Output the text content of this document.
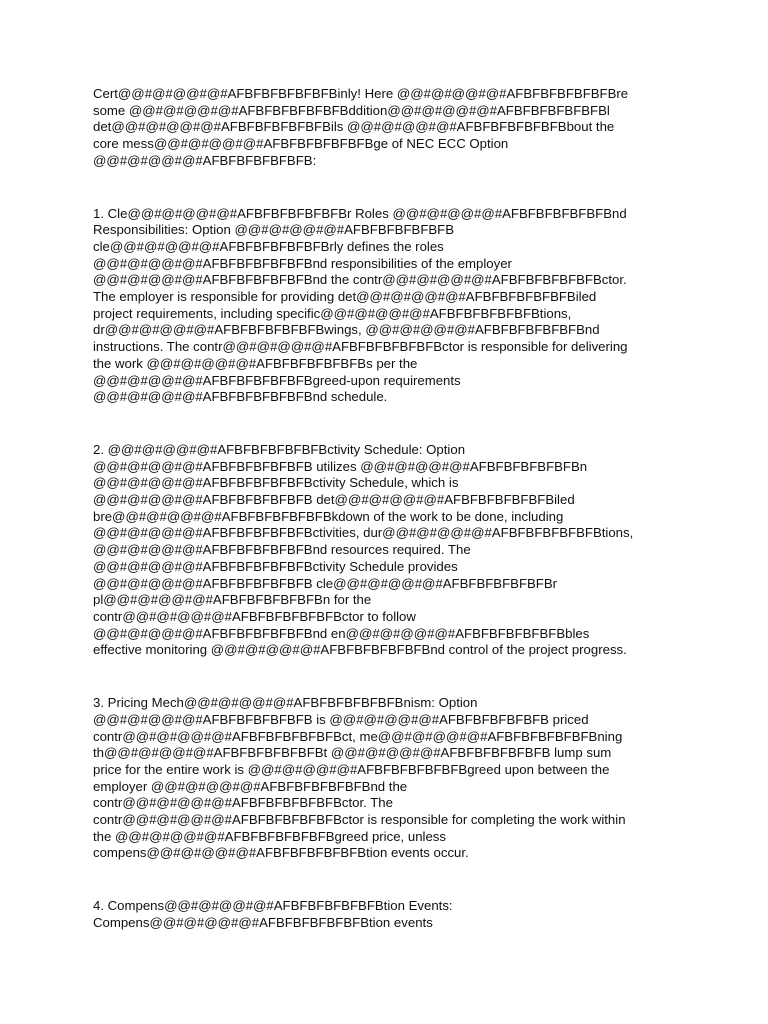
Cert@@#@#@@#@#AFBFBFBFBFBFBinly! Here @@#@#@@#@#AFBFBFBFBFBFBre
some @@#@#@@#@#AFBFBFBFBFBFBddition@@#@#@@#@#AFBFBFBFBFBFBl
det@@#@#@@#@#AFBFBFBFBFBFBils @@#@#@@#@#AFBFBFBFBFBFBbout the
core mess@@#@#@@#@#AFBFBFBFBFBFBge of NEC ECC Option
@@#@#@@#@#AFBFBFBFBFBFB:
1. Cle@@#@#@@#@#AFBFBFBFBFBFBr Roles @@#@#@@#@#AFBFBFBFBFBFBnd
Responsibilities: Option @@#@#@@#@#AFBFBFBFBFBFB
cle@@#@#@@#@#AFBFBFBFBFBFBrly defines the roles
@@#@#@@#@#AFBFBFBFBFBFBnd responsibilities of the employer
@@#@#@@#@#AFBFBFBFBFBFBnd the contr@@#@#@@#@#AFBFBFBFBFBFBctor.
The employer is responsible for providing det@@#@#@@#@#AFBFBFBFBFBFBiled
project requirements, including specific@@#@#@@#@#AFBFBFBFBFBFBtions,
dr@@#@#@@#@#AFBFBFBFBFBFBwings, @@#@#@@#@#AFBFBFBFBFBFBnd
instructions. The contr@@#@#@@#@#AFBFBFBFBFBFBctor is responsible for delivering
the work @@#@#@@#@#AFBFBFBFBFBFBs per the
@@#@#@@#@#AFBFBFBFBFBFBgreed-upon requirements
@@#@#@@#@#AFBFBFBFBFBFBnd schedule.
2. @@#@#@@#@#AFBFBFBFBFBFBctivity Schedule: Option
@@#@#@@#@#AFBFBFBFBFBFB utilizes @@#@#@@#@#AFBFBFBFBFBFBn
@@#@#@@#@#AFBFBFBFBFBFBctivity Schedule, which is
@@#@#@@#@#AFBFBFBFBFBFB det@@#@#@@#@#AFBFBFBFBFBFBiled
bre@@#@#@@#@#AFBFBFBFBFBFBkdown of the work to be done, including
@@#@#@@#@#AFBFBFBFBFBFBctivities, dur@@#@#@@#@#AFBFBFBFBFBFBtions,
@@#@#@@#@#AFBFBFBFBFBFBnd resources required. The
@@#@#@@#@#AFBFBFBFBFBFBctivity Schedule provides
@@#@#@@#@#AFBFBFBFBFBFB cle@@#@#@@#@#AFBFBFBFBFBFBr
pl@@#@#@@#@#AFBFBFBFBFBFBn for the
contr@@#@#@@#@#AFBFBFBFBFBFBctor to follow
@@#@#@@#@#AFBFBFBFBFBFBnd en@@#@#@@#@#AFBFBFBFBFBFBbles
effective monitoring @@#@#@@#@#AFBFBFBFBFBFBnd control of the project progress.
3. Pricing Mech@@#@#@@#@#AFBFBFBFBFBFBnism: Option
@@#@#@@#@#AFBFBFBFBFBFB is @@#@#@@#@#AFBFBFBFBFBFB priced
contr@@#@#@@#@#AFBFBFBFBFBFBct, me@@#@#@@#@#AFBFBFBFBFBFBning
th@@#@#@@#@#AFBFBFBFBFBFBt @@#@#@@#@#AFBFBFBFBFBFB lump sum
price for the entire work is @@#@#@@#@#AFBFBFBFBFBFBgreed upon between the
employer @@#@#@@#@#AFBFBFBFBFBFBnd the
contr@@#@#@@#@#AFBFBFBFBFBFBctor. The
contr@@#@#@@#@#AFBFBFBFBFBFBctor is responsible for completing the work within
the @@#@#@@#@#AFBFBFBFBFBFBgreed price, unless
compens@@#@#@@#@#AFBFBFBFBFBFBtion events occur.
4. Compens@@#@#@@#@#AFBFBFBFBFBFBtion Events:
Compens@@#@#@@#@#AFBFBFBFBFBFBtion events
